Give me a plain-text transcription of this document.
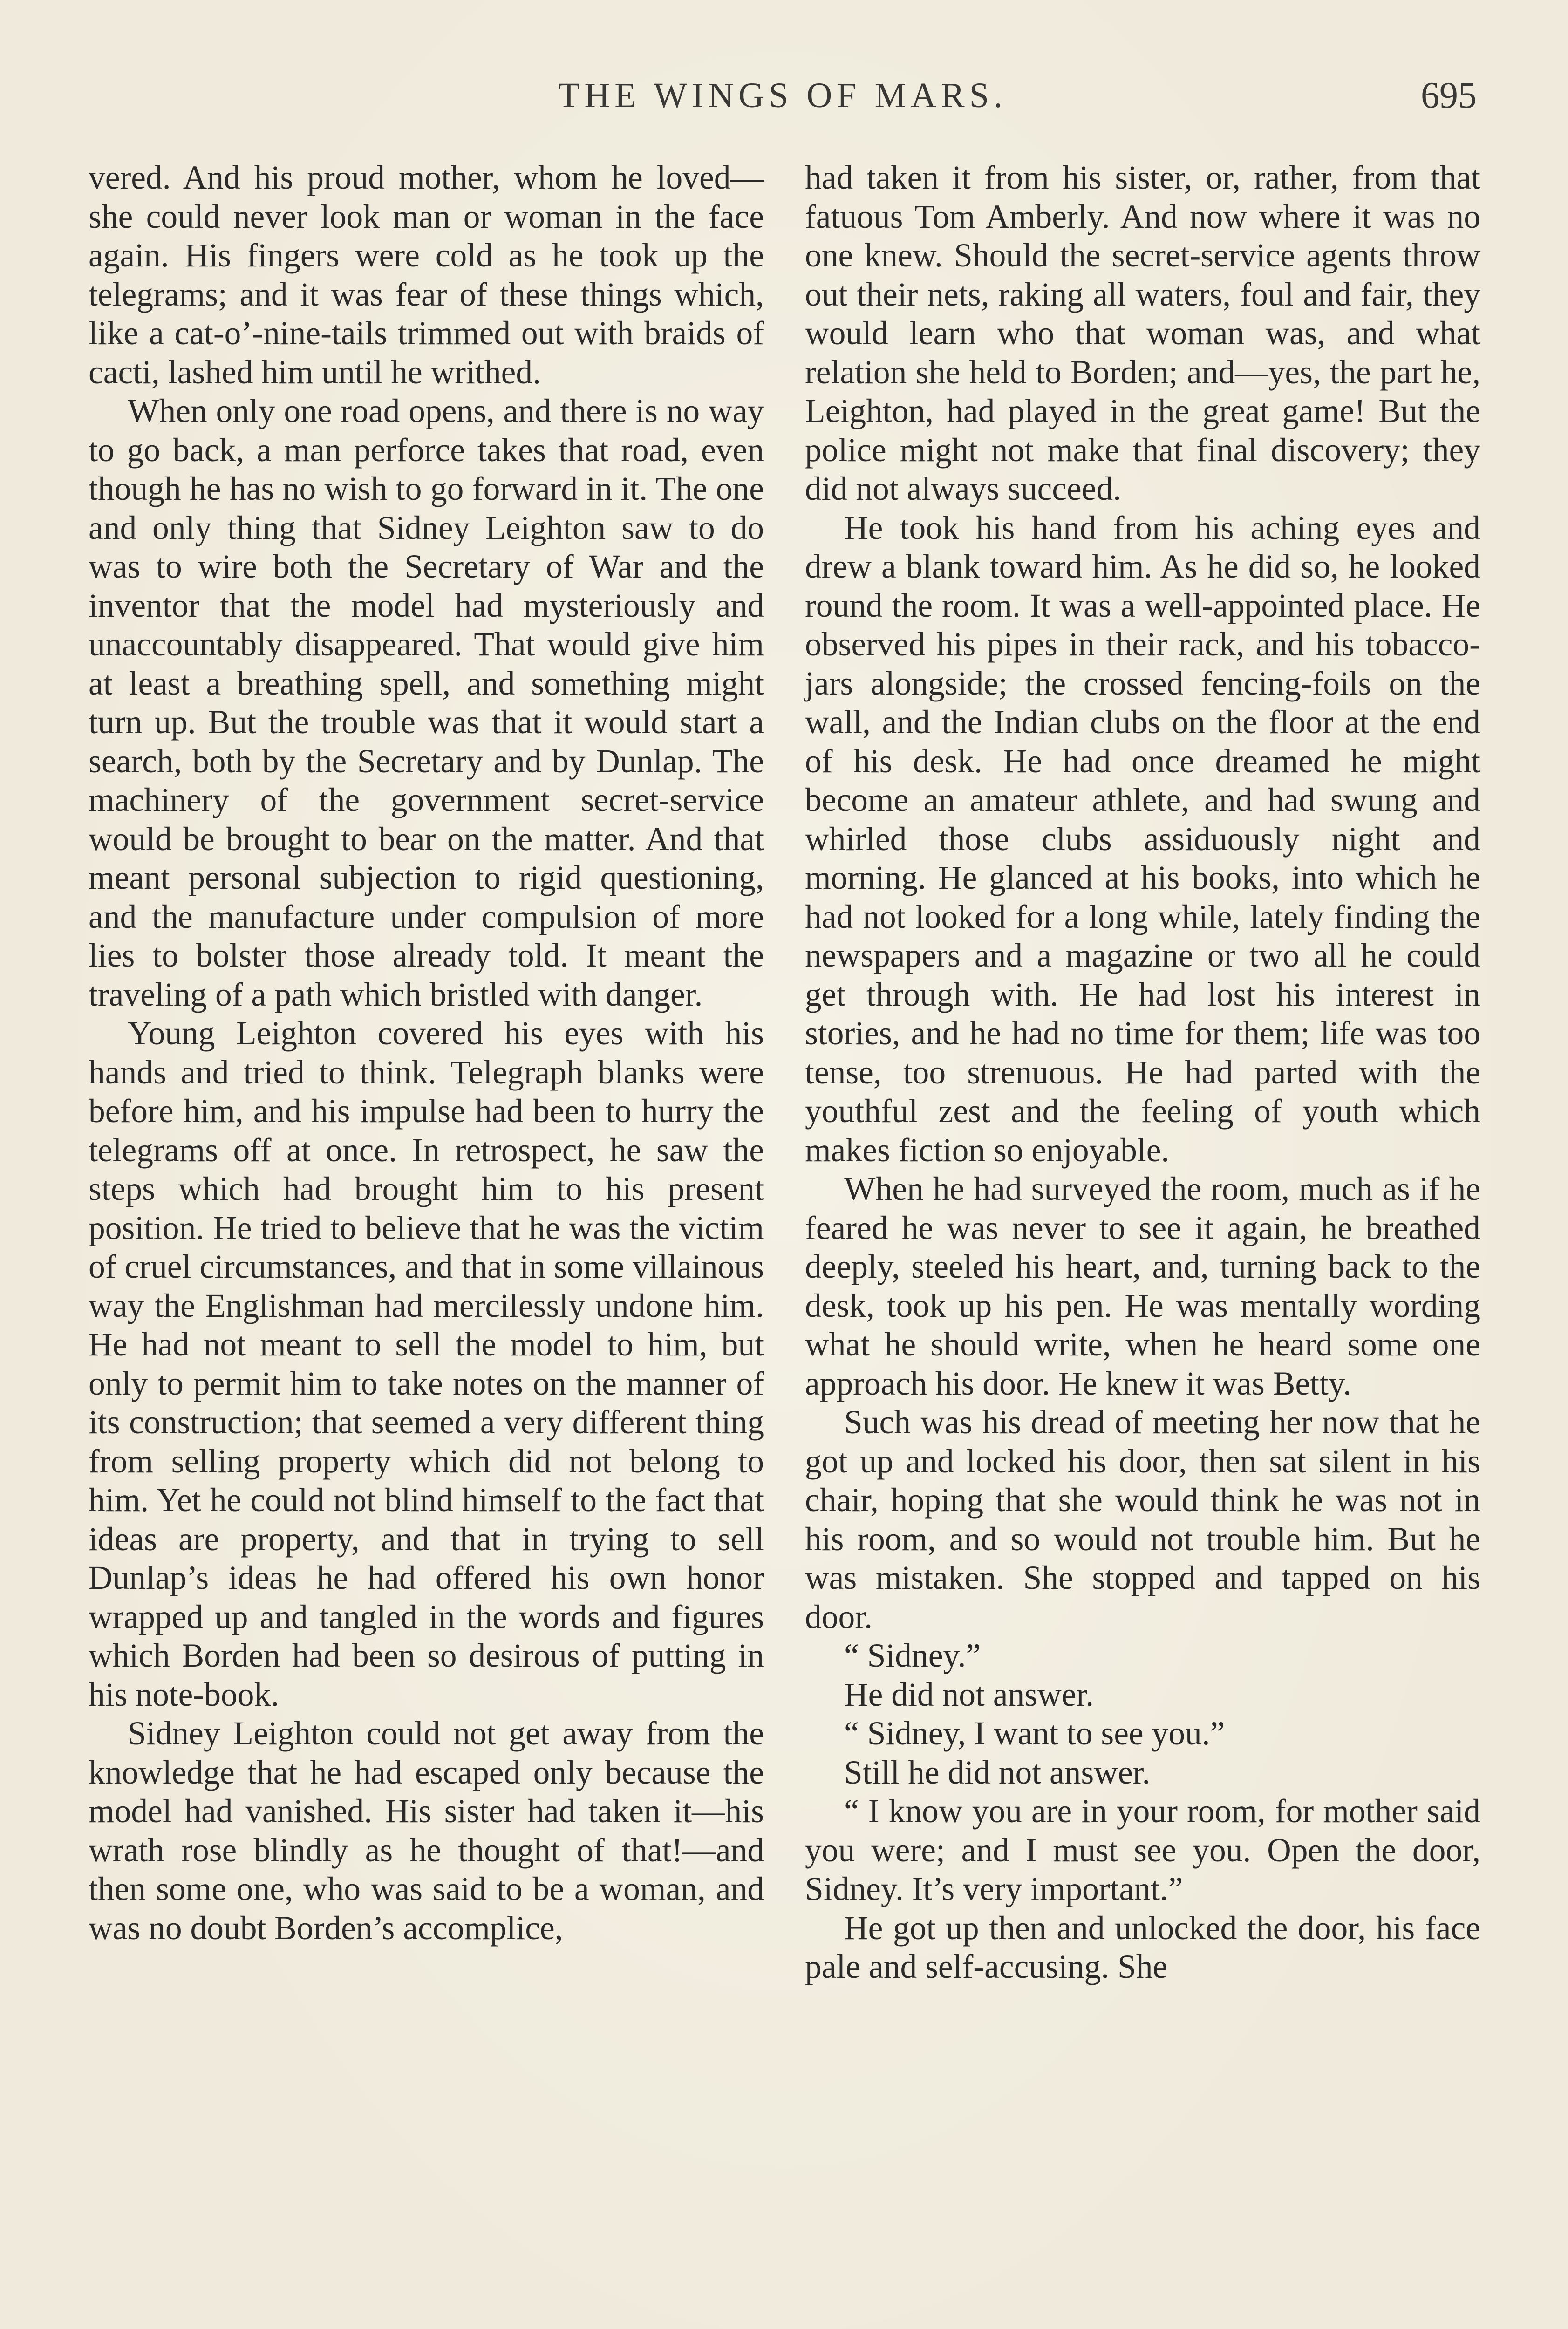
THE WINGS OF MARS.	695

vered. And his proud mother, whom he loved—she could never look man or woman in the face again. His fingers were cold as he took up the telegrams; and it was fear of these things which, like a cat-o’-nine-tails trimmed out with braids of cacti, lashed him until he writhed.

When only one road opens, and there is no way to go back, a man perforce takes that road, even though he has no wish to go forward in it. The one and only thing that Sidney Leighton saw to do was to wire both the Secretary of War and the inventor that the model had mysteriously and unaccountably disappeared. That would give him at least a breathing spell, and something might turn up. But the trouble was that it would start a search, both by the Secretary and by Dunlap. The machinery of the government secret-service would be brought to bear on the matter. And that meant personal subjection to rigid questioning, and the manufacture under compulsion of more lies to bolster those already told. It meant the traveling of a path which bristled with danger.

Young Leighton covered his eyes with his hands and tried to think. Telegraph blanks were before him, and his impulse had been to hurry the telegrams off at once. In retrospect, he saw the steps which had brought him to his present position. He tried to believe that he was the victim of cruel circumstances, and that in some villainous way the Englishman had mercilessly undone him. He had not meant to sell the model to him, but only to permit him to take notes on the manner of its construction; that seemed a very different thing from selling property which did not belong to him. Yet he could not blind himself to the fact that ideas are property, and that in trying to sell Dunlap’s ideas he had offered his own honor wrapped up and tangled in the words and figures which Borden had been so desirous of putting in his note-book.

Sidney Leighton could not get away from the knowledge that he had escaped only because the model had vanished. His sister had taken it—his wrath rose blindly as he thought of that!—and then some one, who was said to be a woman, and was no doubt Borden’s accomplice,

had taken it from his sister, or, rather, from that fatuous Tom Amberly. And now where it was no one knew. Should the secret-service agents throw out their nets, raking all waters, foul and fair, they would learn who that woman was, and what relation she held to Borden; and—yes, the part he, Leighton, had played in the great game! But the police might not make that final discovery; they did not always succeed.

He took his hand from his aching eyes and drew a blank toward him. As he did so, he looked round the room. It was a well-appointed place. He observed his pipes in their rack, and his tobacco-jars alongside; the crossed fencing-foils on the wall, and the Indian clubs on the floor at the end of his desk. He had once dreamed he might become an amateur athlete, and had swung and whirled those clubs assiduously night and morning. He glanced at his books, into which he had not looked for a long while, lately finding the newspapers and a magazine or two all he could get through with. He had lost his interest in stories, and he had no time for them; life was too tense, too strenuous. He had parted with the youthful zest and the feeling of youth which makes fiction so enjoyable.

When he had surveyed the room, much as if he feared he was never to see it again, he breathed deeply, steeled his heart, and, turning back to the desk, took up his pen. He was mentally wording what he should write, when he heard some one approach his door. He knew it was Betty.

Such was his dread of meeting her now that he got up and locked his door, then sat silent in his chair, hoping that she would think he was not in his room, and so would not trouble him. But he was mistaken. She stopped and tapped on his door.

“ Sidney.”

He did not answer.

“ Sidney, I want to see you.”

Still he did not answer.

“ I know you are in your room, for mother said you were; and I must see you. Open the door, Sidney. It’s very important.”

He got up then and unlocked the door, his face pale and self-accusing. She
